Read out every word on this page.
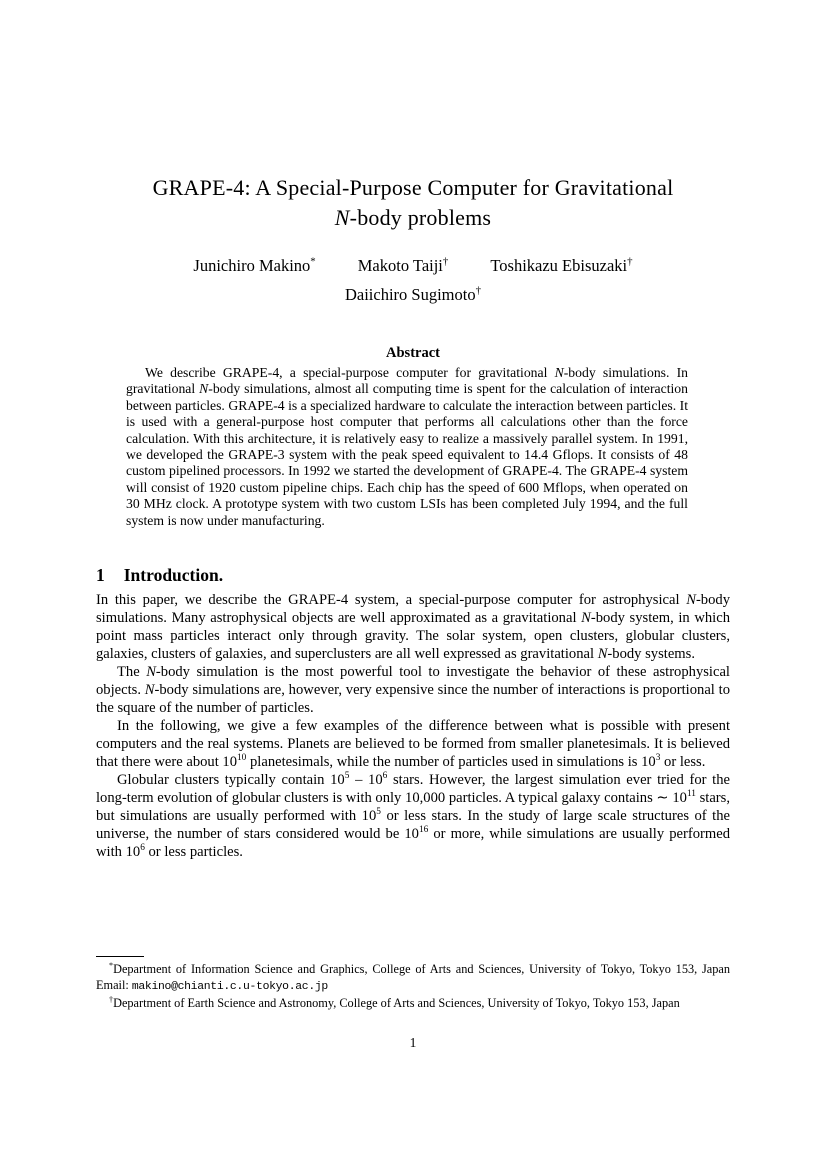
GRAPE-4: A Special-Purpose Computer for Gravitational
N-body problems
Junichiro Makino*	Makoto Taiji†	Toshikazu Ebisuzaki†
Daiichiro Sugimoto†
Abstract

We describe GRAPE-4, a special-purpose computer for gravitational N-body simulations. In gravitational N-body simulations, almost all computing time is spent for the calculation of interaction between particles. GRAPE-4 is a specialized hardware to calculate the interaction between particles. It is used with a general-purpose host computer that performs all calculations other than the force calculation. With this architecture, it is relatively easy to realize a massively parallel system. In 1991, we developed the GRAPE-3 system with the peak speed equivalent to 14.4 Gflops. It consists of 48 custom pipelined processors. In 1992 we started the development of GRAPE-4. The GRAPE-4 system will consist of 1920 custom pipeline chips. Each chip has the speed of 600 Mflops, when operated on 30 MHz clock. A prototype system with two custom LSIs has been completed July 1994, and the full system is now under manufacturing.

1 Introduction.

In this paper, we describe the GRAPE-4 system, a special-purpose computer for astrophysical N-body simulations. Many astrophysical objects are well approximated as a gravitational N-body system, in which point mass particles interact only through gravity. The solar system, open clusters, globular clusters, galaxies, clusters of galaxies, and superclusters are all well expressed as gravitational N-body systems.

The N-body simulation is the most powerful tool to investigate the behavior of these astrophysical objects. N-body simulations are, however, very expensive since the number of interactions is proportional to the square of the number of particles.

In the following, we give a few examples of the difference between what is possible with present computers and the real systems. Planets are believed to be formed from smaller planetesimals. It is believed that there were about $10^{10}$ planetesimals, while the number of particles used in simulations is $10^3$ or less.

Globular clusters typically contain $10^5 - 10^6$ stars. However, the largest simulation ever tried for the long-term evolution of globular clusters is with only 10,000 particles. A typical galaxy contains ∼ $10^{11}$ stars, but simulations are usually performed with $10^5$ or less stars. In the study of large scale structures of the universe, the number of stars considered would be $10^{16}$ or more, while simulations are usually performed with $10^6$ or less particles.

*Department of Information Science and Graphics, College of Arts and Sciences, University of Tokyo, Tokyo 153, Japan Email: makino@chianti.c.u-tokyo.ac.jp

†Department of Earth Science and Astronomy, College of Arts and Sciences, University of Tokyo, Tokyo 153, Japan

1
